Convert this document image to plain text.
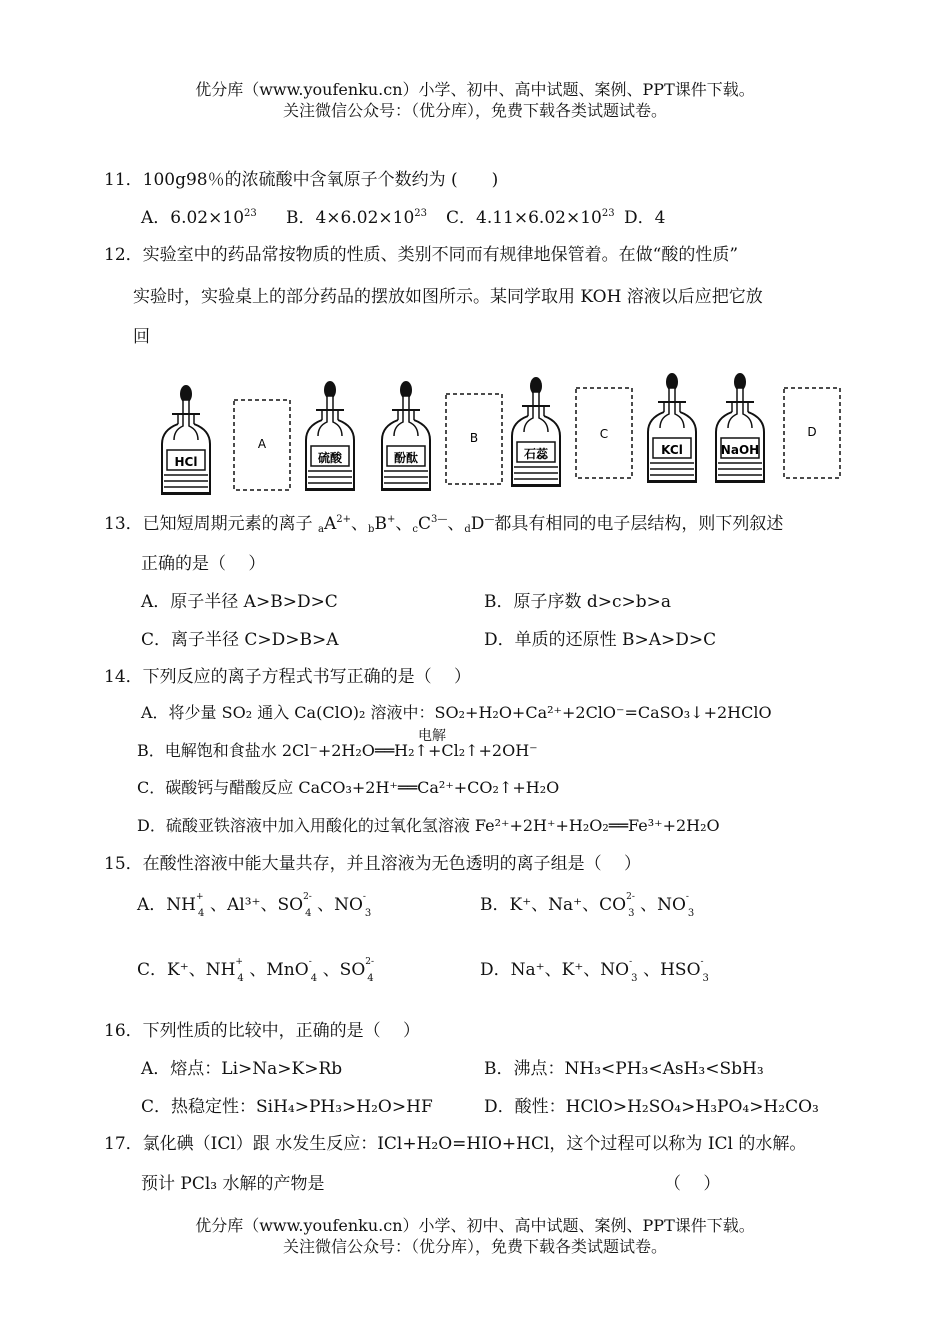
优分库（www.youfenku.cn）小学、初中、高中试题、案例、PPT课件下载。
关注微信公众号：（优分库），免费下载各类试题试卷。
11．100g98％的浓硫酸中含氧原子个数约为 (　　)
A．$6.02\times 10^{23}$ B．$4\times 6.02\times 10^{23}$ C．$4.11\times 6.02\times 10^{23}$ D．4
12．实验室中的药品常按物质的性质、类别不同而有规律地保管着。在做“酸的性质”
实验时，实验桌上的部分药品的摆放如图所示。某同学取用 KOH 溶液以后应把它放
回
HCl
A
硫酸	酚酞
B
石蕊
C
KCl	NaOH
D
13．已知短周期元素的离子 $_aA^{2+}$、$_b$B+、$_cC^{3—}$、$_d$D—都具有相同的电子层结构，则下列叙述
正确的是（　 ）
A．原子半径 A>B>D>C	B．原子序数 d>c>b>a
C．离子半径 C>D>B>A	D．单质的还原性 B>A>D>C
14．下列反应的离子方程式书写正确的是（　 ）
A．将少量 SO₂ 通入 Ca(ClO)₂ 溶液中：SO₂+H₂O+Ca²⁺+2ClO⁻=CaSO₃↓+2HClO
电解
B．电解饱和食盐水 2Cl⁻+2H₂O══H₂↑+Cl₂↑+2OH⁻
C．碳酸钙与醋酸反应 CaCO₃+2H⁺══Ca²⁺+CO₂↑+H₂O
D．硫酸亚铁溶液中加入用酸化的过氧化氢溶液 Fe²⁺+2H⁺+H₂O₂══Fe³⁺+2H₂O
15．在酸性溶液中能大量共存，并且溶液为无色透明的离子组是（　 ）
A．NH +
4 、Al³⁺、SO 2-
4 、NO -
3	B．K⁺、Na⁺、CO 2-
3 、NO -
3
C．K⁺、NH +
4 、MnO -
4 、SO 2-
4	D．Na⁺、K⁺、NO -
3 、HSO -
3
16．下列性质的比较中，正确的是（　 ）
A．熔点：Li>Na>K>Rb	B．沸点：NH₃<PH₃<AsH₃<SbH₃
C．热稳定性：SiH₄>PH₃>H₂O>HF	D．酸性：HClO>H₂SO₄>H₃PO₄>H₂CO₃
17．氯化碘（ICl）跟 水发生反应：ICl+H₂O=HIO+HCl，这个过程可以称为 ICl 的水解。
预计 PCl₃ 水解的产物是	（　 ）
优分库（www.youfenku.cn）小学、初中、高中试题、案例、PPT课件下载。
关注微信公众号：（优分库），免费下载各类试题试卷。
